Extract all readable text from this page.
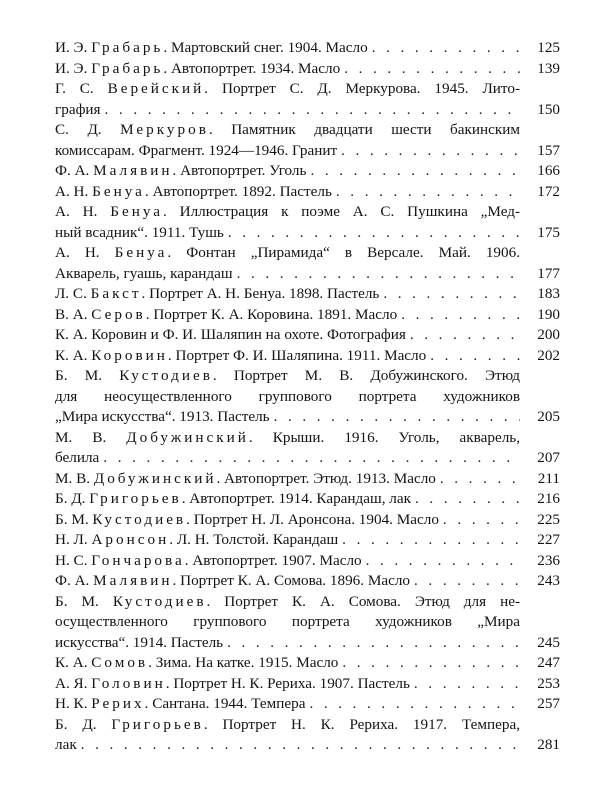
И. Э. Грабарь. Мартовский снег. 1904. Масло . . .	125
И. Э. Грабарь. Автопортрет. 1934. Масло . . .	139
Г. С. Верейский. Портрет С. Д. Меркурова. 1945. Лито-
графия . . .	150
С. Д. Меркуров. Памятник двадцати шести бакинским
комиссарам. Фрагмент. 1924—1946. Гранит . . .	157
Ф. А. Малявин. Автопортрет. Уголь . . .	166
А. Н. Бенуа. Автопортрет. 1892. Пастель . . .	172
А. Н. Бенуа. Иллюстрация к поэме А. С. Пушкина „Мед-
ный всадник“. 1911. Тушь . . .	175
А. Н. Бенуа. Фонтан „Пирамида“ в Версале. Май. 1906.
Акварель, гуашь, карандаш . . .	177
Л. С. Бакст. Портрет А. Н. Бенуа. 1898. Пастель . . .	183
В. А. Серов. Портрет К. А. Коровина. 1891. Масло . . .	190
К. А. Коровин и Ф. И. Шаляпин на охоте. Фотография . . .	200
К. А. Коровин. Портрет Ф. И. Шаляпина. 1911. Масло . . .	202
Б. М. Кустодиев. Портрет М. В. Добужинского. Этюд
для неосуществленного группового портрета художников
„Мира искусства“. 1913. Пастель . . .	205
М. В. Добужинский. Крыши. 1916. Уголь, акварель,
белила . . .	207
М. В. Добужинский. Автопортрет. Этюд. 1913. Масло . . .	211
Б. Д. Григорьев. Автопортрет. 1914. Карандаш, лак . . .	216
Б. М. Кустодиев. Портрет Н. Л. Аронсона. 1904. Масло . . .	225
Н. Л. Аронсон. Л. Н. Толстой. Карандаш . . .	227
Н. С. Гончарова. Автопортрет. 1907. Масло . . .	236
Ф. А. Малявин. Портрет К. А. Сомова. 1896. Масло . . .	243
Б. М. Кустодиев. Портрет К. А. Сомова. Этюд для не-
осуществленного группового портрета художников „Мира
искусства“. 1914. Пастель . . .	245
К. А. Сомов. Зима. На катке. 1915. Масло . . .	247
А. Я. Головин. Портрет Н. К. Рериха. 1907. Пастель . . .	253
Н. К. Рерих. Сантана. 1944. Темпера . . .	257
Б. Д. Григорьев. Портрет Н. К. Рериха. 1917. Темпера,
лак . . .	281
